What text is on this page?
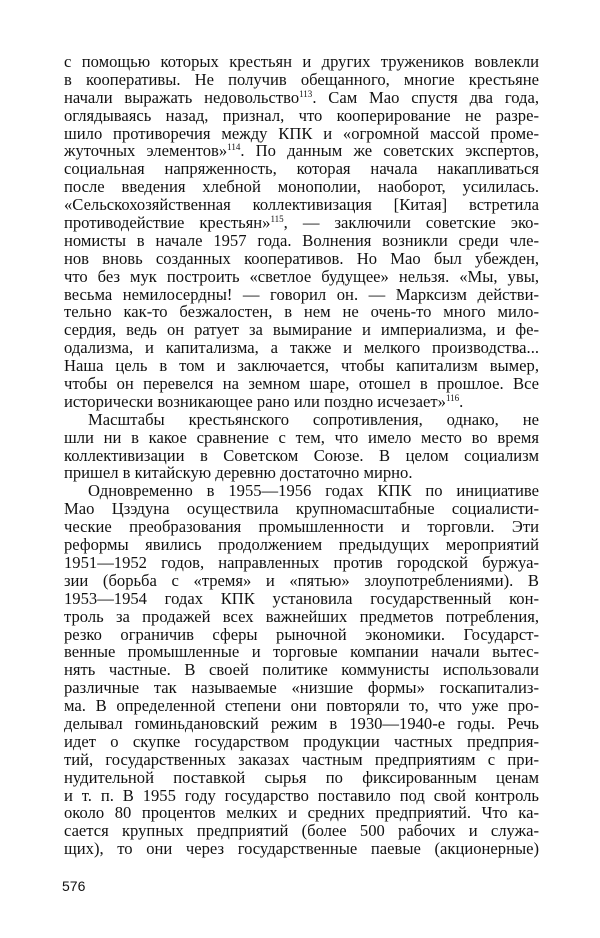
с помощью которых крестьян и других тружеников вовлекли
в кооперативы. Не получив обещанного, многие крестьяне
начали выражать недовольство$^{113}$. Сам Мао спустя два года,
оглядываясь назад, признал, что кооперирование не разре-
шило противоречия между КПК и «огромной массой проме-
жуточных элементов»$^{114}$. По данным же советских экспертов,
социальная напряженность, которая начала накапливаться
после введения хлебной монополии, наоборот, усилилась.
«Сельскохозяйственная коллективизация [Китая] встретила
противодействие крестьян»$^{115}$, — заключили советские эко-
номисты в начале 1957 года. Волнения возникли среди чле-
нов вновь созданных кооперативов. Но Мао был убежден,
что без мук построить «светлое будущее» нельзя. «Мы, увы,
весьма немилосердны! — говорил он. — Марксизм действи-
тельно как-то безжалостен, в нем не очень-то много мило-
сердия, ведь он ратует за вымирание и империализма, и фе-
одализма, и капитализма, а также и мелкого производства...
Наша цель в том и заключается, чтобы капитализм вымер,
чтобы он перевелся на земном шаре, отошел в прошлое. Все
исторически возникающее рано или поздно исчезает»$^{116}$.

Масштабы крестьянского сопротивления, однако, не
шли ни в какое сравнение с тем, что имело место во время
коллективизации в Советском Союзе. В целом социализм
пришел в китайскую деревню достаточно мирно.

Одновременно в 1955—1956 годах КПК по инициативе
Мао Цзэдуна осуществила крупномасштабные социалисти-
ческие преобразования промышленности и торговли. Эти
реформы явились продолжением предыдущих мероприятий
1951—1952 годов, направленных против городской буржуа-
зии (борьба с «тремя» и «пятью» злоупотреблениями). В
1953—1954 годах КПК установила государственный кон-
троль за продажей всех важнейших предметов потребления,
резко ограничив сферы рыночной экономики. Государст-
венные промышленные и торговые компании начали вытес-
нять частные. В своей политике коммунисты использовали
различные так называемые «низшие формы» госкапитализ-
ма. В определенной степени они повторяли то, что уже про-
делывал гоминьдановский режим в 1930—1940-е годы. Речь
идет о скупке государством продукции частных предприя-
тий, государственных заказах частным предприятиям с при-
нудительной поставкой сырья по фиксированным ценам
и т. п. В 1955 году государство поставило под свой контроль
около 80 процентов мелких и средних предприятий. Что ка-
сается крупных предприятий (более 500 рабочих и служа-
щих), то они через государственные паевые (акционерные)

576
